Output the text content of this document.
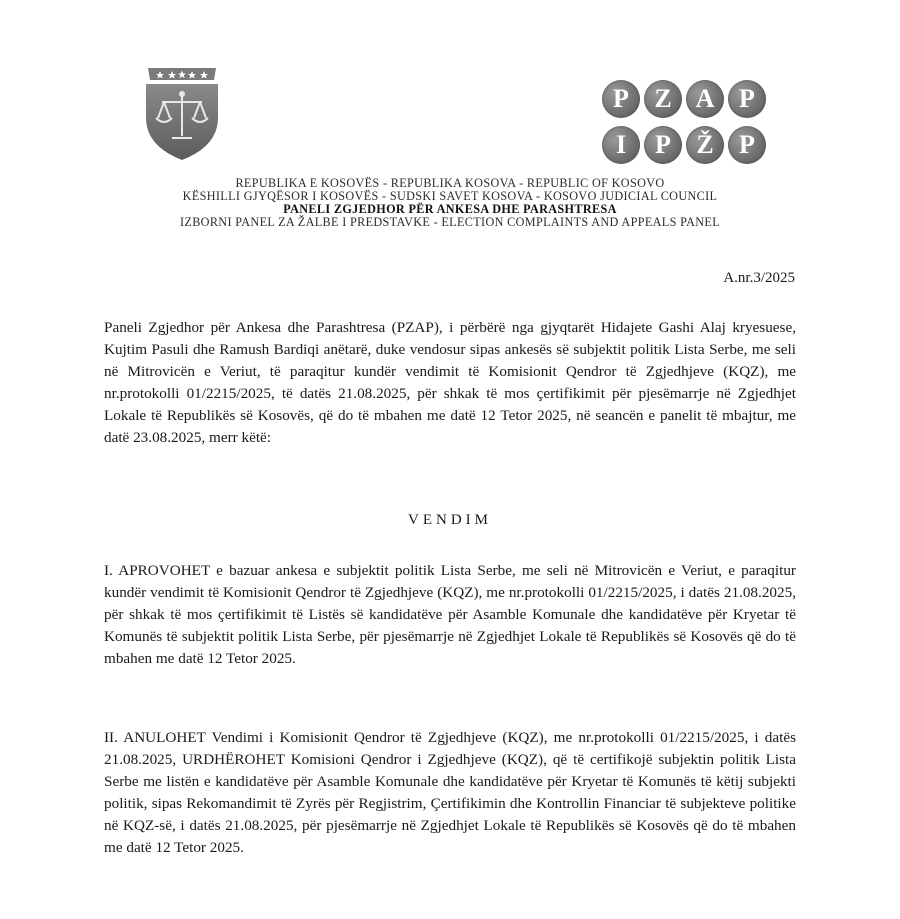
P Z A P
I	P Ž P
REPUBLIKA E KOSOVËS - REPUBLIKA KOSOVA - REPUBLIC OF KOSOVO
KËSHILLI GJYQËSOR I KOSOVËS - SUDSKI SAVET KOSOVA - KOSOVO JUDICIAL COUNCIL
PANELI ZGJEDHOR PËR ANKESA DHE PARASHTRESA
IZBORNI PANEL ZA ŽALBE I PREDSTAVKE - ELECTION COMPLAINTS AND APPEALS PANEL
A.nr.3/2025
Paneli Zgjedhor për Ankesa dhe Parashtresa (PZAP), i përbërë nga gjyqtarët Hidajete Gashi Alaj kryesuese, Kujtim Pasuli dhe Ramush Bardiqi anëtarë, duke vendosur sipas ankesës së subjektit politik Lista Serbe, me seli në Mitrovicën e Veriut, të paraqitur kundër vendimit të Komisionit Qendror të Zgjedhjeve (KQZ), me nr.protokolli 01/2215/2025, të datës 21.08.2025, për shkak të mos çertifikimit për pjesëmarrje në Zgjedhjet Lokale të Republikës së Kosovës, që do të mbahen me datë 12 Tetor 2025, në seancën e panelit të mbajtur, me datë 23.08.2025, merr këtë:
VENDIM
I. APROVOHET e bazuar ankesa e subjektit politik Lista Serbe, me seli në Mitrovicën e Veriut, e paraqitur kundër vendimit të Komisionit Qendror të Zgjedhjeve (KQZ), me nr.protokolli 01/2215/2025, i datës 21.08.2025, për shkak të mos çertifikimit të Listës së kandidatëve për Asamble Komunale dhe kandidatëve për Kryetar të Komunës të subjektit politik Lista Serbe, për pjesëmarrje në Zgjedhjet Lokale të Republikës së Kosovës që do të mbahen me datë 12 Tetor 2025.
II. ANULOHET Vendimi i Komisionit Qendror të Zgjedhjeve (KQZ), me nr.protokolli 01/2215/2025, i datës 21.08.2025, URDHËROHET Komisioni Qendror i Zgjedhjeve (KQZ), që të certifikojë subjektin politik Lista Serbe me listën e kandidatëve për Asamble Komunale dhe kandidatëve për Kryetar të Komunës të këtij subjekti politik, sipas Rekomandimit të Zyrës për Regjistrim, Çertifikimin dhe Kontrollin Financiar të subjekteve politike në KQZ-së, i datës 21.08.2025, për pjesëmarrje në Zgjedhjet Lokale të Republikës së Kosovës që do të mbahen me datë 12 Tetor 2025.
